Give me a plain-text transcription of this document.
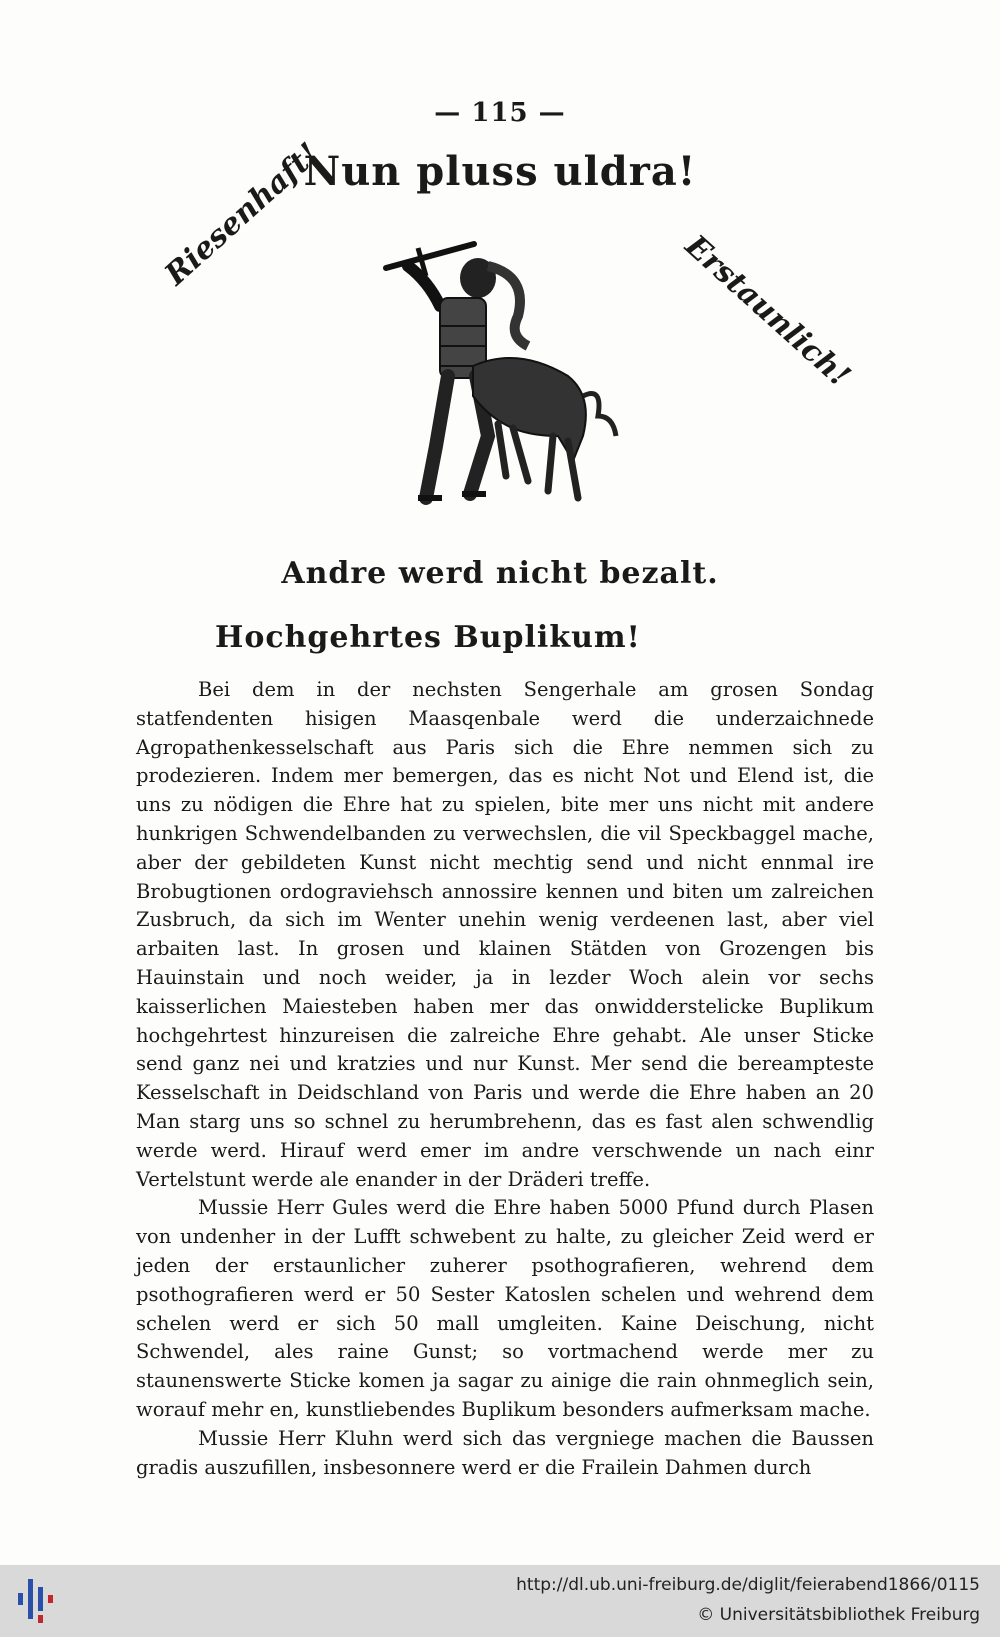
— 115 —
Nun pluss uldra!
Riesenhaft!
Erstaunlich!
Andre werd nicht bezalt.
Hochgehrtes Buplikum!

Bei dem in der nechsten Sengerhale am grosen Sondag statfendenten hisigen Maasqenbale werd die underzaichnede Agropathenkesselschaft aus Paris sich die Ehre nemmen sich zu prodezieren. Indem mer bemergen, das es nicht Not und Elend ist, die uns zu nödigen die Ehre hat zu spielen, bite mer uns nicht mit andere hunkrigen Schwendelbanden zu verwechslen, die vil Speckbaggel mache, aber der gebildeten Kunst nicht mechtig send und nicht ennmal ire Brobugtionen ordograviehsch annossire kennen und biten um zalreichen Zusbruch, da sich im Wenter unehin wenig verdeenen last, aber viel arbaiten last. In grosen und klainen Stätden von Grozengen bis Hauinstain und noch weider, ja in lezder Woch alein vor sechs kaisserlichen Maiesteben haben mer das onwidderstelicke Buplikum hochgehrtest hinzureisen die zalreiche Ehre gehabt. Ale unser Sticke send ganz nei und kratzies und nur Kunst. Mer send die bereampteste Kesselschaft in Deidschland von Paris und werde die Ehre haben an 20 Man starg uns so schnel zu herumbrehenn, das es fast alen schwendlig werde werd. Hirauf werd emer im andre verschwende un nach einr Vertelstunt werde ale enander in der Dräderi treffe.

Mussie Herr Gules werd die Ehre haben 5000 Pfund durch Plasen von undenher in der Lufft schwebent zu halte, zu gleicher Zeid werd er jeden der erstaunlicher zuherer psothografieren, wehrend dem psothografieren werd er 50 Sester Katoslen schelen und wehrend dem schelen werd er sich 50 mall umgleiten. Kaine Deischung, nicht Schwendel, ales raine Gunst; so vortmachend werde mer zu staunenswerte Sticke komen ja sagar zu ainige die rain ohnmeglich sein, worauf mehr en, kunstliebendes Buplikum besonders aufmerksam mache.

Mussie Herr Kluhn werd sich das vergniege machen die Baussen gradis auszufillen, insbesonnere werd er die Frailein Dahmen durch

http://dl.ub.uni-freiburg.de/diglit/feierabend1866/0115
© Universitätsbibliothek Freiburg
